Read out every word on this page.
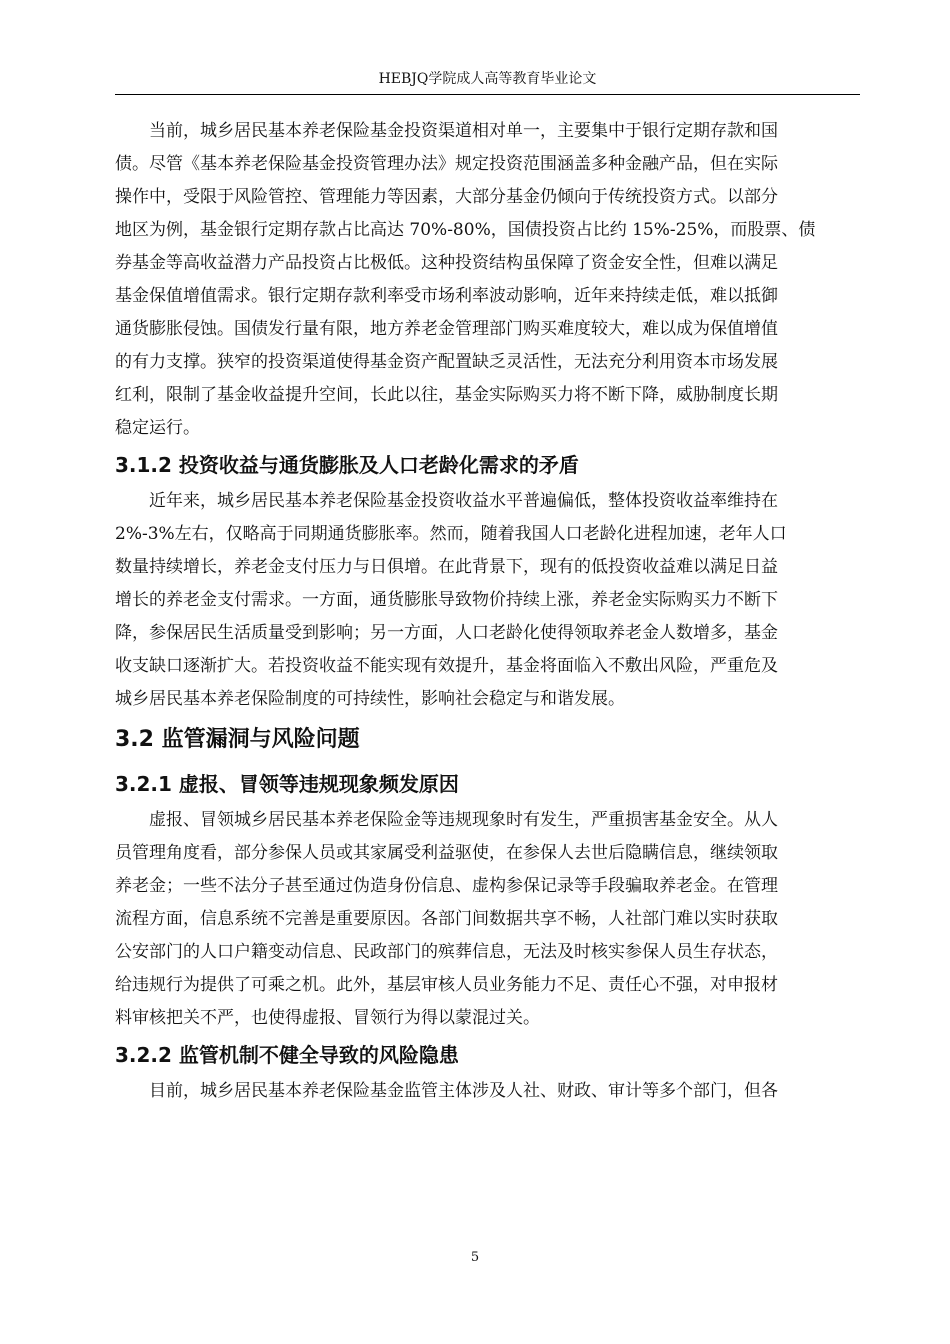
HEBJQ学院成人高等教育毕业论文
当前，城乡居民基本养老保险基金投资渠道相对单一，主要集中于银行定期存款和国
债。尽管《基本养老保险基金投资管理办法》规定投资范围涵盖多种金融产品，但在实际
操作中，受限于风险管控、管理能力等因素，大部分基金仍倾向于传统投资方式。以部分
地区为例，基金银行定期存款占比高达 70%-80%，国债投资占比约 15%-25%，而股票、债
券基金等高收益潜力产品投资占比极低。这种投资结构虽保障了资金安全性，但难以满足
基金保值增值需求。银行定期存款利率受市场利率波动影响，近年来持续走低，难以抵御
通货膨胀侵蚀。国债发行量有限，地方养老金管理部门购买难度较大，难以成为保值增值
的有力支撑。狭窄的投资渠道使得基金资产配置缺乏灵活性，无法充分利用资本市场发展
红利，限制了基金收益提升空间，长此以往，基金实际购买力将不断下降，威胁制度长期
稳定运行。
3.1.2 投资收益与通货膨胀及人口老龄化需求的矛盾
近年来，城乡居民基本养老保险基金投资收益水平普遍偏低，整体投资收益率维持在
2%-3%左右，仅略高于同期通货膨胀率。然而，随着我国人口老龄化进程加速，老年人口
数量持续增长，养老金支付压力与日俱增。在此背景下，现有的低投资收益难以满足日益
增长的养老金支付需求。一方面，通货膨胀导致物价持续上涨，养老金实际购买力不断下
降，参保居民生活质量受到影响；另一方面，人口老龄化使得领取养老金人数增多，基金
收支缺口逐渐扩大。若投资收益不能实现有效提升，基金将面临入不敷出风险，严重危及
城乡居民基本养老保险制度的可持续性，影响社会稳定与和谐发展。
3.2 监管漏洞与风险问题
3.2.1 虚报、冒领等违规现象频发原因
虚报、冒领城乡居民基本养老保险金等违规现象时有发生，严重损害基金安全。从人
员管理角度看，部分参保人员或其家属受利益驱使，在参保人去世后隐瞒信息，继续领取
养老金；一些不法分子甚至通过伪造身份信息、虚构参保记录等手段骗取养老金。在管理
流程方面，信息系统不完善是重要原因。各部门间数据共享不畅，人社部门难以实时获取
公安部门的人口户籍变动信息、民政部门的殡葬信息，无法及时核实参保人员生存状态，
给违规行为提供了可乘之机。此外，基层审核人员业务能力不足、责任心不强，对申报材
料审核把关不严，也使得虚报、冒领行为得以蒙混过关。
3.2.2 监管机制不健全导致的风险隐患
目前，城乡居民基本养老保险基金监管主体涉及人社、财政、审计等多个部门，但各
5
